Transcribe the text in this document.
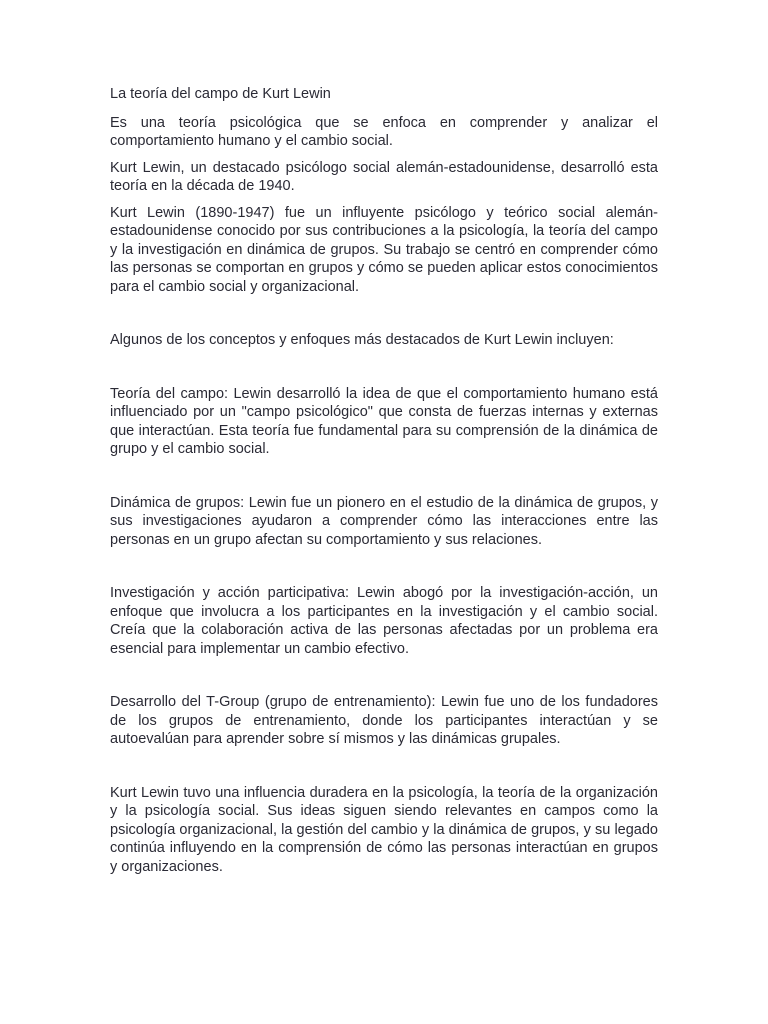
La teoría del campo de Kurt Lewin

Es una teoría psicológica que se enfoca en comprender y analizar el comportamiento humano y el cambio social.

Kurt Lewin, un destacado psicólogo social alemán-estadounidense, desarrolló esta teoría en la década de 1940.

Kurt Lewin (1890-1947) fue un influyente psicólogo y teórico social alemán-estadounidense conocido por sus contribuciones a la psicología, la teoría del campo y la investigación en dinámica de grupos. Su trabajo se centró en comprender cómo las personas se comportan en grupos y cómo se pueden aplicar estos conocimientos para el cambio social y organizacional.

Algunos de los conceptos y enfoques más destacados de Kurt Lewin incluyen:

Teoría del campo: Lewin desarrolló la idea de que el comportamiento humano está influenciado por un "campo psicológico" que consta de fuerzas internas y externas que interactúan. Esta teoría fue fundamental para su comprensión de la dinámica de grupo y el cambio social.

Dinámica de grupos: Lewin fue un pionero en el estudio de la dinámica de grupos, y sus investigaciones ayudaron a comprender cómo las interacciones entre las personas en un grupo afectan su comportamiento y sus relaciones.

Investigación y acción participativa: Lewin abogó por la investigación-acción, un enfoque que involucra a los participantes en la investigación y el cambio social. Creía que la colaboración activa de las personas afectadas por un problema era esencial para implementar un cambio efectivo.

Desarrollo del T-Group (grupo de entrenamiento): Lewin fue uno de los fundadores de los grupos de entrenamiento, donde los participantes interactúan y se autoevalúan para aprender sobre sí mismos y las dinámicas grupales.

Kurt Lewin tuvo una influencia duradera en la psicología, la teoría de la organización y la psicología social. Sus ideas siguen siendo relevantes en campos como la psicología organizacional, la gestión del cambio y la dinámica de grupos, y su legado continúa influyendo en la comprensión de cómo las personas interactúan en grupos y organizaciones.
